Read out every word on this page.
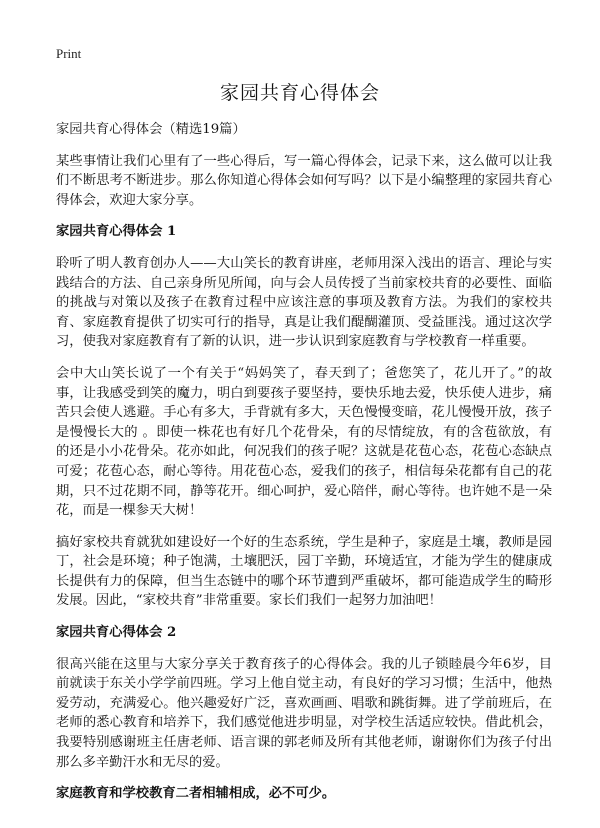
Print
家园共育心得体会

家园共育心得体会（精选19篇）

某些事情让我们心里有了一些心得后，写一篇心得体会，记录下来，这么做可以让我们不断思考不断进步。那么你知道心得体会如何写吗？以下是小编整理的家园共育心得体会，欢迎大家分享。

家园共育心得体会 1

聆听了明人教育创办人——大山笑长的教育讲座，老师用深入浅出的语言、理论与实践结合的方法、自己亲身所见所闻，向与会人员传授了当前家校共育的必要性、面临的挑战与对策以及孩子在教育过程中应该注意的事项及教育方法。为我们的家校共育、家庭教育提供了切实可行的指导，真是让我们醍醐灌顶、受益匪浅。通过这次学习，使我对家庭教育有了新的认识，进一步认识到家庭教育与学校教育一样重要。

会中大山笑长说了一个有关于“妈妈笑了，春天到了；爸您笑了，花儿开了。”的故事，让我感受到笑的魔力，明白到要孩子要坚持，要快乐地去爱，快乐使人进步，痛苦只会使人逃避。手心有多大，手背就有多大，天色慢慢变暗，花儿慢慢开放，孩子是慢慢长大的 。即使一株花也有好几个花骨朵，有的尽情绽放，有的含苞欲放，有的还是小小花骨朵。花亦如此，何况我们的孩子呢？这就是花苞心态，花苞心态缺点可爱；花苞心态，耐心等待。用花苞心态，爱我们的孩子，相信每朵花都有自己的花期，只不过花期不同，静等花开。细心呵护，爱心陪伴，耐心等待。也许她不是一朵花，而是一棵参天大树！

搞好家校共育就犹如建设好一个好的生态系统，学生是种子，家庭是土壤，教师是园丁，社会是环境；种子饱满，土壤肥沃，园丁辛勤，环境适宜，才能为学生的健康成长提供有力的保障，但当生态链中的哪个环节遭到严重破坏，都可能造成学生的畸形发展。因此，“家校共育”非常重要。家长们我们一起努力加油吧！

家园共育心得体会 2

很高兴能在这里与大家分享关于教育孩子的心得体会。我的儿子锁睦晨今年6岁，目前就读于东关小学学前四班。学习上他自觉主动，有良好的学习习惯；生活中，他热爱劳动，充满爱心。他兴趣爱好广泛，喜欢画画、唱歌和跳街舞。进了学前班后，在老师的悉心教育和培养下，我们感觉他进步明显，对学校生活适应较快。借此机会，我要特别感谢班主任唐老师、语言课的郭老师及所有其他老师，谢谢你们为孩子付出那么多辛勤汗水和无尽的爱。

家庭教育和学校教育二者相辅相成，必不可少。
